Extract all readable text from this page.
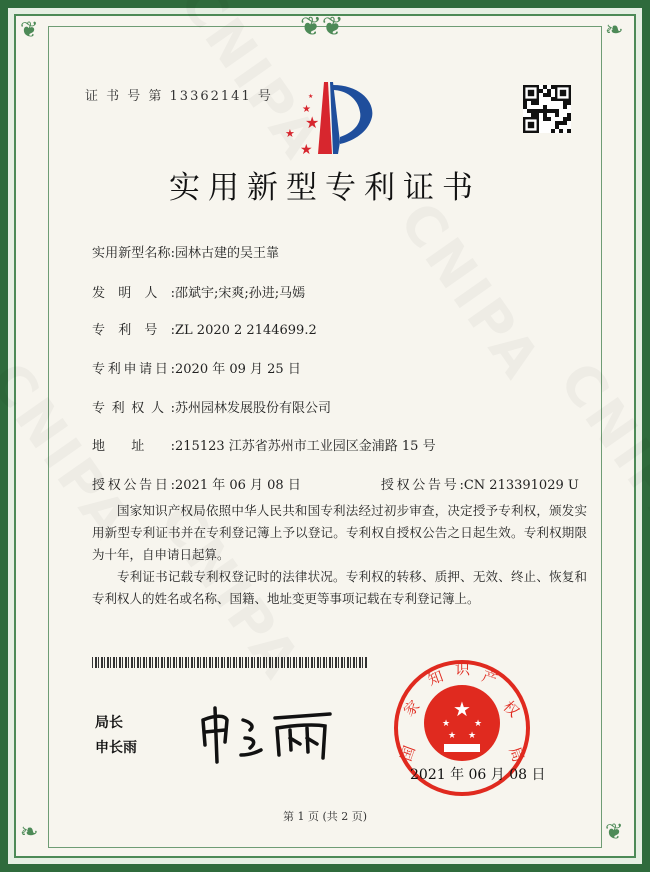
❦❦
❧	❦
❦	❧
证 书 号 第 13362141 号
★
★
★
★
★
实用新型专利证书
实用新型名称:园林古建的吴王靠
发明人:邵斌宇;宋爽;孙进;马嫣
专利号:ZL 2020 2 2144699.2
专利申请日:2020 年 09 月 25 日
专利权人:苏州园林发展股份有限公司
地址:215123 江苏省苏州市工业园区金浦路 15 号
授权公告日:2021 年 06 月 08 日	授权公告号:CN 213391029 U
国家知识产权局依照中华人民共和国专利法经过初步审查，决定授予专利权，颁发实用新型专利证书并在专利登记簿上予以登记。专利权自授权公告之日起生效。专利权期限为十年，自申请日起算。
专利证书记载专利权登记时的法律状况。专利权的转移、质押、无效、终止、恢复和专利权人的姓名或名称、国籍、地址变更等事项记载在专利登记簿上。
局长
申长雨
★
★	★
★ ★
国
家
知 识 产
权
局
2021 年 06 月 08 日
第 1 页 (共 2 页)
